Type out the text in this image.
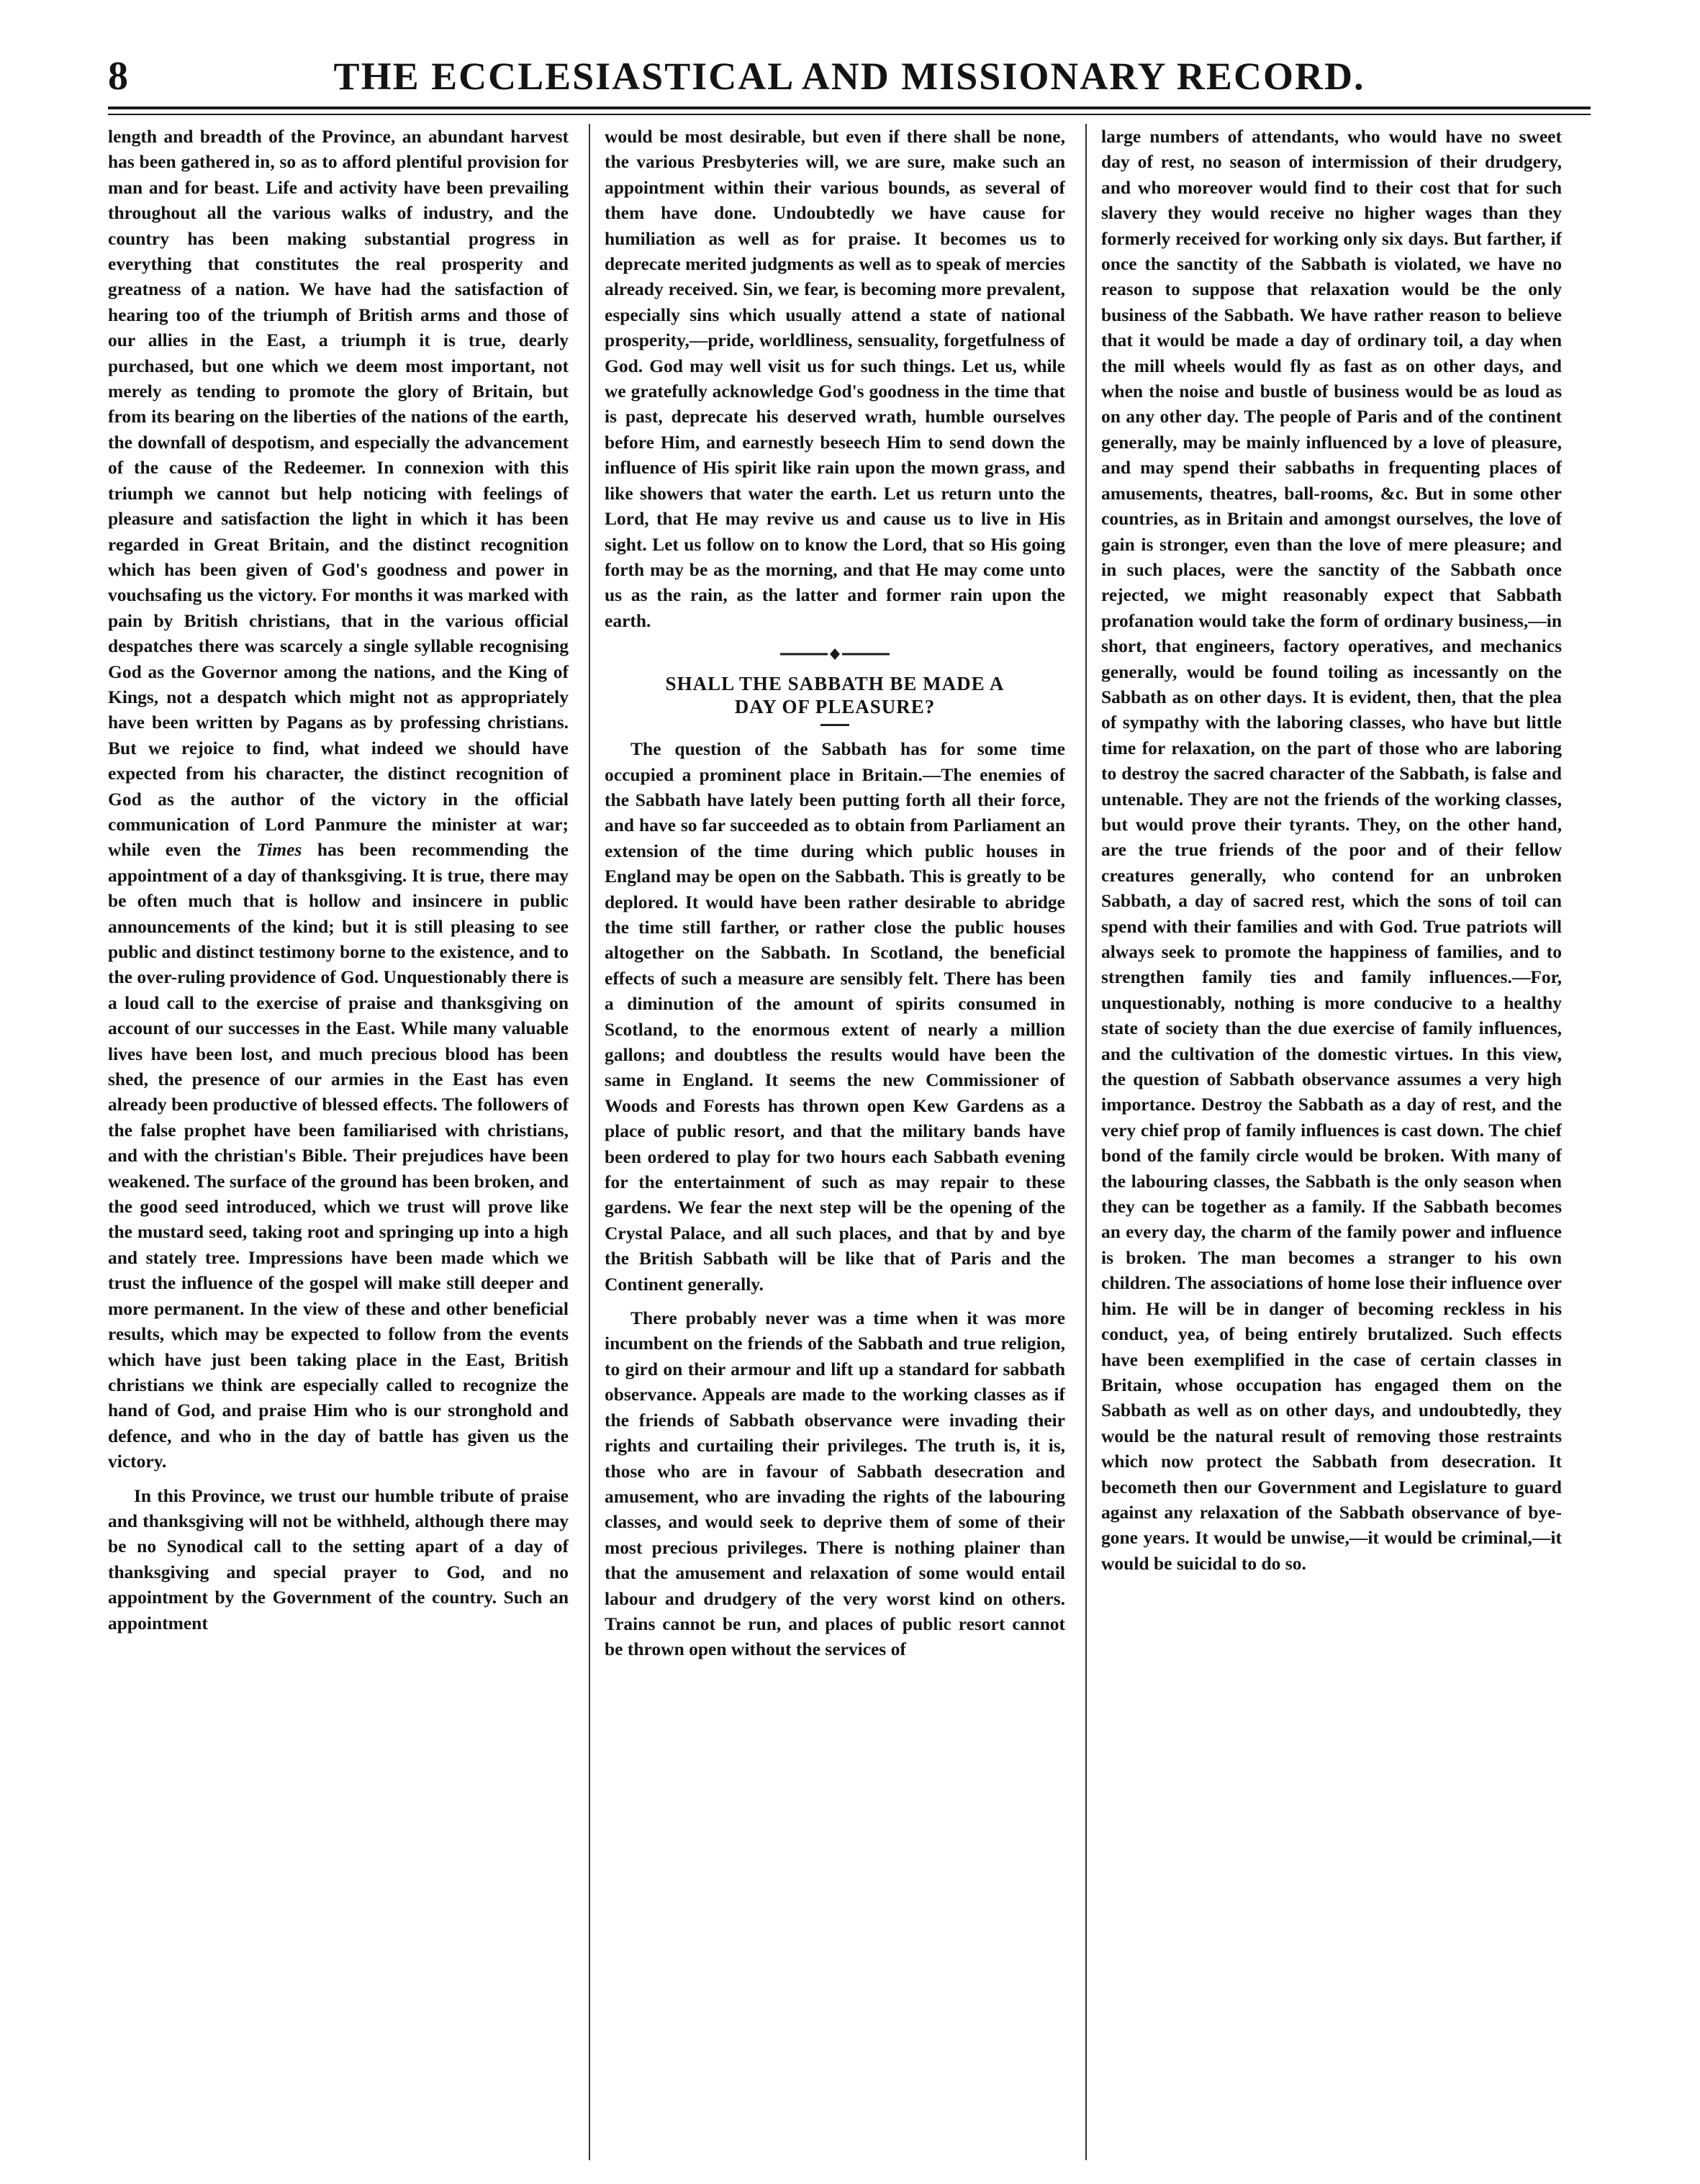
8	THE ECCLESIASTICAL AND MISSIONARY RECORD.

length and breadth of the Province, an abundant harvest has been gathered in, so as to afford plentiful provision for man and for beast. Life and activity have been prevailing throughout all the various walks of industry, and the country has been making substantial progress in everything that constitutes the real prosperity and greatness of a nation. We have had the satisfaction of hearing too of the triumph of British arms and those of our allies in the East, a triumph it is true, dearly purchased, but one which we deem most important, not merely as tending to promote the glory of Britain, but from its bearing on the liberties of the nations of the earth, the downfall of despotism, and especially the advancement of the cause of the Redeemer. In connexion with this triumph we cannot but help noticing with feelings of pleasure and satisfaction the light in which it has been regarded in Great Britain, and the distinct recognition which has been given of God's goodness and power in vouchsafing us the victory. For months it was marked with pain by British christians, that in the various official despatches there was scarcely a single syllable recognising God as the Governor among the nations, and the King of Kings, not a despatch which might not as appropriately have been written by Pagans as by professing christians. But we rejoice to find, what indeed we should have expected from his character, the distinct recognition of God as the author of the victory in the official communication of Lord Panmure the minister at war; while even the Times has been recommending the appointment of a day of thanksgiving. It is true, there may be often much that is hollow and insincere in public announcements of the kind; but it is still pleasing to see public and distinct testimony borne to the existence, and to the over-ruling providence of God. Unquestionably there is a loud call to the exercise of praise and thanksgiving on account of our successes in the East. While many valuable lives have been lost, and much precious blood has been shed, the presence of our armies in the East has even already been productive of blessed effects. The followers of the false prophet have been familiarised with christians, and with the christian's Bible. Their prejudices have been weakened. The surface of the ground has been broken, and the good seed introduced, which we trust will prove like the mustard seed, taking root and springing up into a high and stately tree. Impressions have been made which we trust the influence of the gospel will make still deeper and more permanent. In the view of these and other beneficial results, which may be expected to follow from the events which have just been taking place in the East, British christians we think are especially called to recognize the hand of God, and praise Him who is our stronghold and defence, and who in the day of battle has given us the victory.

In this Province, we trust our humble tribute of praise and thanksgiving will not be withheld, although there may be no Synodical call to the setting apart of a day of thanksgiving and special prayer to God, and no appointment by the Government of the country. Such an appointment

would be most desirable, but even if there shall be none, the various Presbyteries will, we are sure, make such an appointment within their various bounds, as several of them have done. Undoubtedly we have cause for humiliation as well as for praise. It becomes us to deprecate merited judgments as well as to speak of mercies already received. Sin, we fear, is becoming more prevalent, especially sins which usually attend a state of national prosperity,—pride, worldliness, sensuality, forgetfulness of God. God may well visit us for such things. Let us, while we gratefully acknowledge God's goodness in the time that is past, deprecate his deserved wrath, humble ourselves before Him, and earnestly beseech Him to send down the influence of His spirit like rain upon the mown grass, and like showers that water the earth. Let us return unto the Lord, that He may revive us and cause us to live in His sight. Let us follow on to know the Lord, that so His going forth may be as the morning, and that He may come unto us as the rain, as the latter and former rain upon the earth.

SHALL THE SABBATH BE MADE A
DAY OF PLEASURE?

The question of the Sabbath has for some time occupied a prominent place in Britain.—The enemies of the Sabbath have lately been putting forth all their force, and have so far succeeded as to obtain from Parliament an extension of the time during which public houses in England may be open on the Sabbath. This is greatly to be deplored. It would have been rather desirable to abridge the time still farther, or rather close the public houses altogether on the Sabbath. In Scotland, the beneficial effects of such a measure are sensibly felt. There has been a diminution of the amount of spirits consumed in Scotland, to the enormous extent of nearly a million gallons; and doubtless the results would have been the same in England. It seems the new Commissioner of Woods and Forests has thrown open Kew Gardens as a place of public resort, and that the military bands have been ordered to play for two hours each Sabbath evening for the entertainment of such as may repair to these gardens. We fear the next step will be the opening of the Crystal Palace, and all such places, and that by and bye the British Sabbath will be like that of Paris and the Continent generally.

There probably never was a time when it was more incumbent on the friends of the Sabbath and true religion, to gird on their armour and lift up a standard for sabbath observance. Appeals are made to the working classes as if the friends of Sabbath observance were invading their rights and curtailing their privileges. The truth is, it is, those who are in favour of Sabbath desecration and amusement, who are invading the rights of the labouring classes, and would seek to deprive them of some of their most precious privileges. There is nothing plainer than that the amusement and relaxation of some would entail labour and drudgery of the very worst kind on others. Trains cannot be run, and places of public resort cannot be thrown open without the services of

large numbers of attendants, who would have no sweet day of rest, no season of intermission of their drudgery, and who moreover would find to their cost that for such slavery they would receive no higher wages than they formerly received for working only six days. But farther, if once the sanctity of the Sabbath is violated, we have no reason to suppose that relaxation would be the only business of the Sabbath. We have rather reason to believe that it would be made a day of ordinary toil, a day when the mill wheels would fly as fast as on other days, and when the noise and bustle of business would be as loud as on any other day. The people of Paris and of the continent generally, may be mainly influenced by a love of pleasure, and may spend their sabbaths in frequenting places of amusements, theatres, ball-rooms, &c. But in some other countries, as in Britain and amongst ourselves, the love of gain is stronger, even than the love of mere pleasure; and in such places, were the sanctity of the Sabbath once rejected, we might reasonably expect that Sabbath profanation would take the form of ordinary business,—in short, that engineers, factory operatives, and mechanics generally, would be found toiling as incessantly on the Sabbath as on other days. It is evident, then, that the plea of sympathy with the laboring classes, who have but little time for relaxation, on the part of those who are laboring to destroy the sacred character of the Sabbath, is false and untenable. They are not the friends of the working classes, but would prove their tyrants. They, on the other hand, are the true friends of the poor and of their fellow creatures generally, who contend for an unbroken Sabbath, a day of sacred rest, which the sons of toil can spend with their families and with God. True patriots will always seek to promote the happiness of families, and to strengthen family ties and family influences.—For, unquestionably, nothing is more conducive to a healthy state of society than the due exercise of family influences, and the cultivation of the domestic virtues. In this view, the question of Sabbath observance assumes a very high importance. Destroy the Sabbath as a day of rest, and the very chief prop of family influences is cast down. The chief bond of the family circle would be broken. With many of the labouring classes, the Sabbath is the only season when they can be together as a family. If the Sabbath becomes an every day, the charm of the family power and influence is broken. The man becomes a stranger to his own children. The associations of home lose their influence over him. He will be in danger of becoming reckless in his conduct, yea, of being entirely brutalized. Such effects have been exemplified in the case of certain classes in Britain, whose occupation has engaged them on the Sabbath as well as on other days, and undoubtedly, they would be the natural result of removing those restraints which now protect the Sabbath from desecration. It becometh then our Government and Legislature to guard against any relaxation of the Sabbath observance of bye-gone years. It would be unwise,—it would be criminal,—it would be suicidal to do so.
